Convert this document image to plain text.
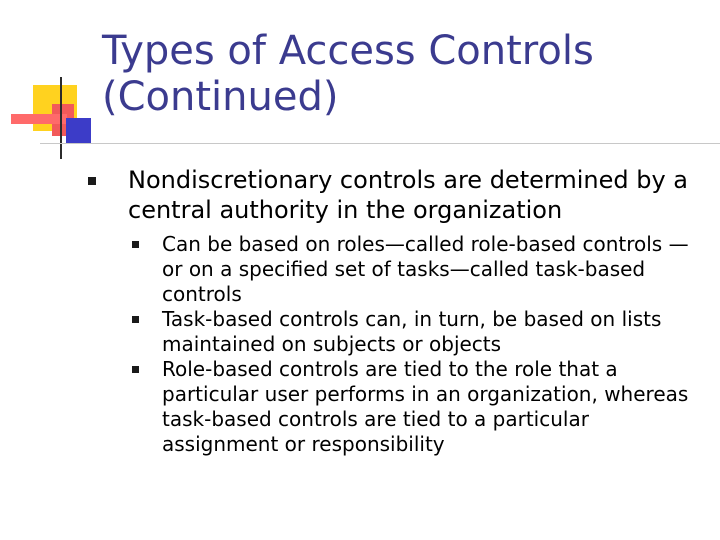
Types of Access Controls (Continued)
Nondiscretionary controls are determined by a central authority in the organization
Can be based on roles—called role-based controls —or on a specified set of tasks—called task-based controls
Task-based controls can, in turn, be based on lists maintained on subjects or objects
Role-based controls are tied to the role that a particular user performs in an organization, whereas task-based controls are tied to a particular assignment or responsibility
